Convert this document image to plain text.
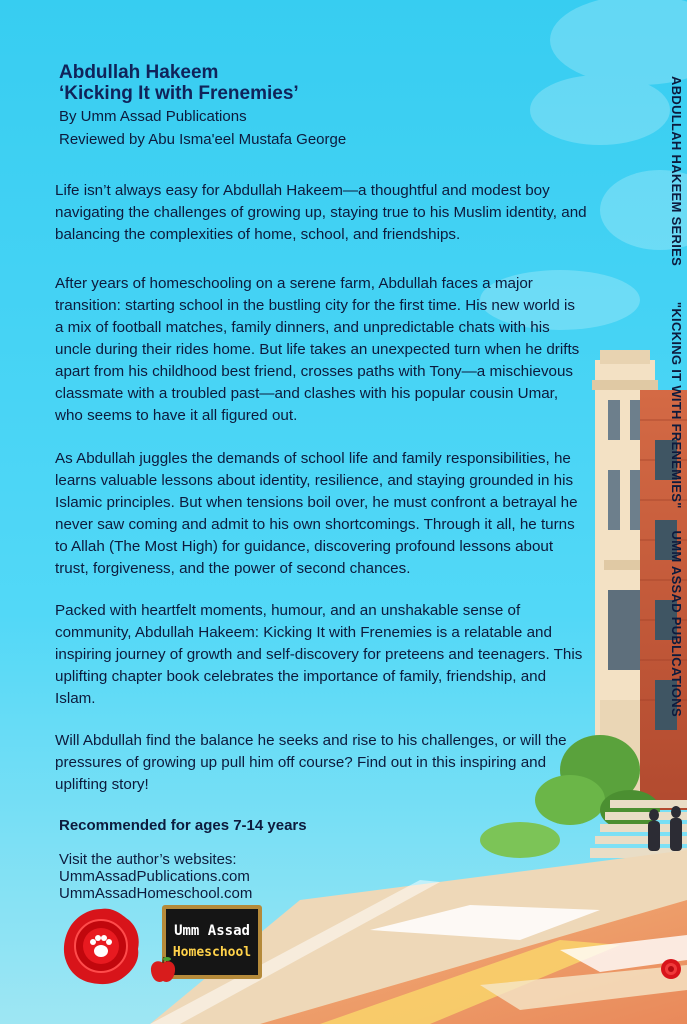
Abdullah Hakeem
‘Kicking It with Frenemies’
By Umm Assad Publications
Reviewed by Abu Isma'eel Mustafa George

Life isn’t always easy for Abdullah Hakeem—a thoughtful and modest boy navigating the challenges of growing up, staying true to his Muslim identity, and balancing the complexities of home, school, and friendships.

After years of homeschooling on a serene farm, Abdullah faces a major transition: starting school in the bustling city for the first time. His new world is a mix of football matches, family dinners, and unpredictable chats with his uncle during their rides home. But life takes an unexpected turn when he drifts apart from his childhood best friend, crosses paths with Tony—a mischievous classmate with a troubled past—and clashes with his popular cousin Umar, who seems to have it all figured out.

As Abdullah juggles the demands of school life and family responsibilities, he learns valuable lessons about identity, resilience, and staying grounded in his Islamic principles. But when tensions boil over, he must confront a betrayal he never saw coming and admit to his own shortcomings. Through it all, he turns to Allah (The Most High) for guidance, discovering profound lessons about trust, forgiveness, and the power of second chances.

Packed with heartfelt moments, humour, and an unshakable sense of community, Abdullah Hakeem: Kicking It with Frenemies is a relatable and inspiring journey of growth and self-discovery for preteens and teenagers. This uplifting chapter book celebrates the importance of family, friendship, and Islam.

Will Abdullah find the balance he seeks and rise to his challenges, or will the pressures of growing up pull him off course? Find out in this inspiring and uplifting story!

Recommended for ages 7-14 years
Visit the author’s websites:
UmmAssadPublications.com
UmmAssadHomeschool.com
ABDULLAH HAKEEM SERIES  "KICKING IT WITH FRENEMIES"  UMM ASSAD PUBLICATIONS
Umm Assad
Homeschool
